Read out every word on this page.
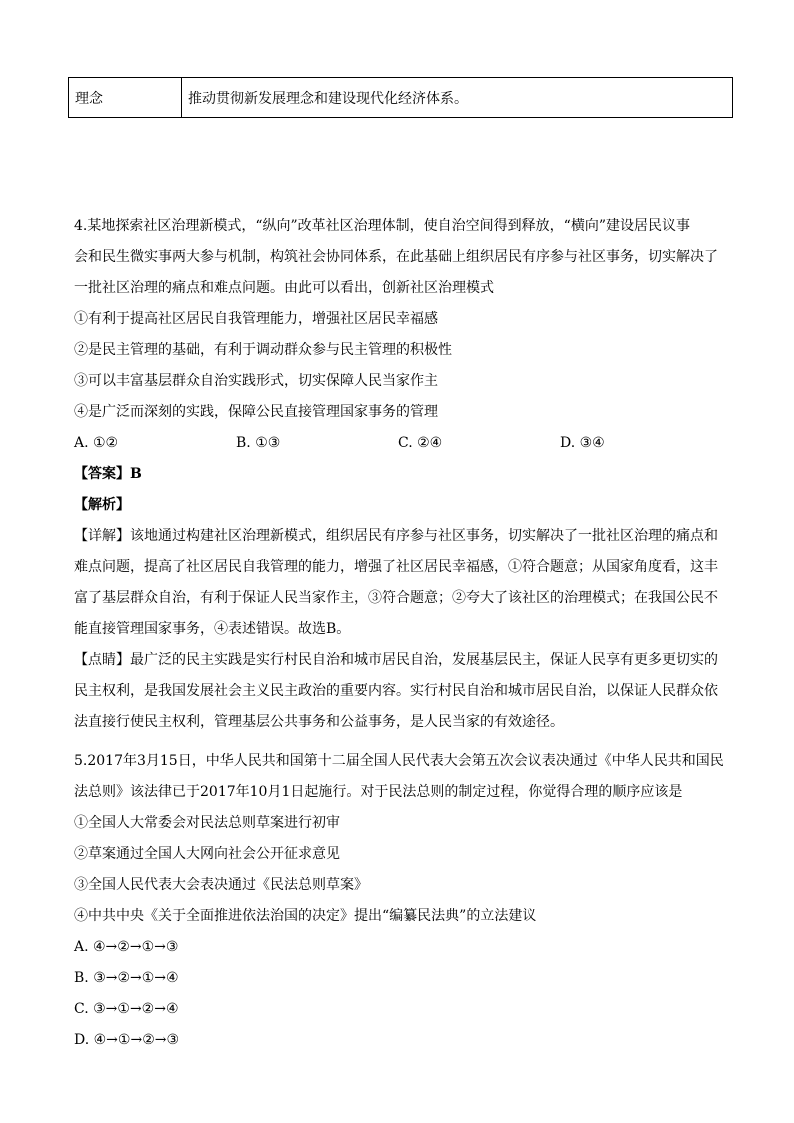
理念	推动贯彻新发展理念和建设现代化经济体系。
4.某地探索社区治理新模式，“纵向”改革社区治理体制，使自治空间得到释放，“横向”建设居民议事
会和民生微实事两大参与机制，构筑社会协同体系，在此基础上组织居民有序参与社区事务，切实解决了
一批社区治理的痛点和难点问题。由此可以看出，创新社区治理模式
①有利于提高社区居民自我管理能力，增强社区居民幸福感
②是民主管理的基础，有利于调动群众参与民主管理的积极性
③可以丰富基层群众自治实践形式，切实保障人民当家作主
④是广泛而深刻的实践，保障公民直接管理国家事务的管理
A. ①②	B. ①③	C. ②④	D. ③④
【答案】B
【解析】
【详解】该地通过构建社区治理新模式，组织居民有序参与社区事务，切实解决了一批社区治理的痛点和
难点问题，提高了社区居民自我管理的能力，增强了社区居民幸福感，①符合题意；从国家角度看，这丰
富了基层群众自治，有利于保证人民当家作主，③符合题意；②夸大了该社区的治理模式；在我国公民不
能直接管理国家事务，④表述错误。故选B。
【点睛】最广泛的民主实践是实行村民自治和城市居民自治，发展基层民主，保证人民享有更多更切实的
民主权利，是我国发展社会主义民主政治的重要内容。实行村民自治和城市居民自治，以保证人民群众依
法直接行使民主权利，管理基层公共事务和公益事务，是人民当家的有效途径。
5.2017年3月15日，中华人民共和国第十二届全国人民代表大会第五次会议表决通过《中华人民共和国民
法总则》该法律已于2017年10月1日起施行。对于民法总则的制定过程，你觉得合理的顺序应该是
①全国人大常委会对民法总则草案进行初审
②草案通过全国人大网向社会公开征求意见
③全国人民代表大会表决通过《民法总则草案》
④中共中央《关于全面推进依法治国的决定》提出“编纂民法典”的立法建议
A. ④→②→①→③
B. ③→②→①→④
C. ③→①→②→④
D. ④→①→②→③
